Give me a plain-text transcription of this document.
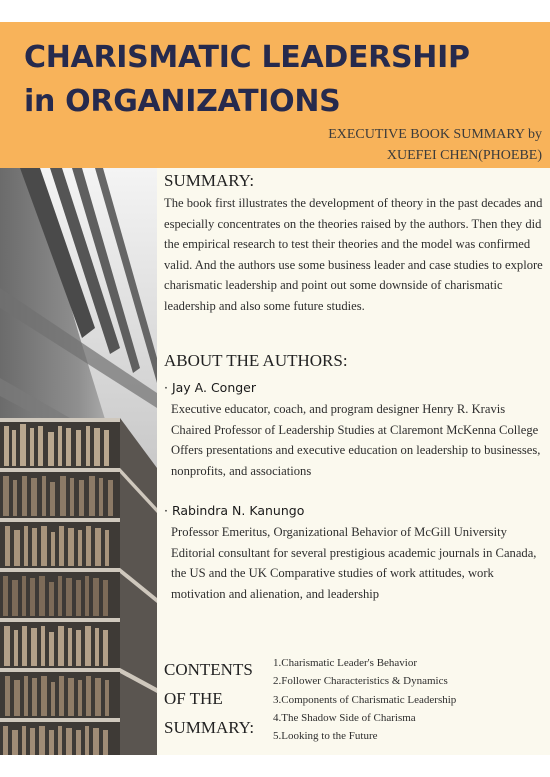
CHARISMATIC LEADERSHIP
in ORGANIZATIONS
EXECUTIVE BOOK SUMMARY by
XUEFEI CHEN(PHOEBE)
SUMMARY:
The book first illustrates the development of theory in the past decades and especially concentrates on the theories raised by the authors. Then they did the empirical research to test their theories and the model was confirmed valid. And the authors use some business leader and case studies to explore charismatic leadership and point out some downside of charismatic leadership and also some future studies.
ABOUT THE AUTHORS:
· Jay A. Conger
Executive educator, coach, and program designer Henry R. Kravis Chaired Professor of Leadership Studies at Claremont McKenna College Offers presentations and executive education on leadership to businesses, nonprofits, and associations
· Rabindra N. Kanungo
Professor Emeritus, Organizational Behavior of McGill University Editorial consultant for several prestigious academic journals in Canada, the US and the UK Comparative studies of work attitudes, work motivation and alienation, and leadership
CONTENTS
OF THE
SUMMARY:
1.Charismatic Leader's Behavior
2.Follower Characteristics & Dynamics
3.Components of Charismatic Leadership
4.The Shadow Side of Charisma
5.Looking to the Future
